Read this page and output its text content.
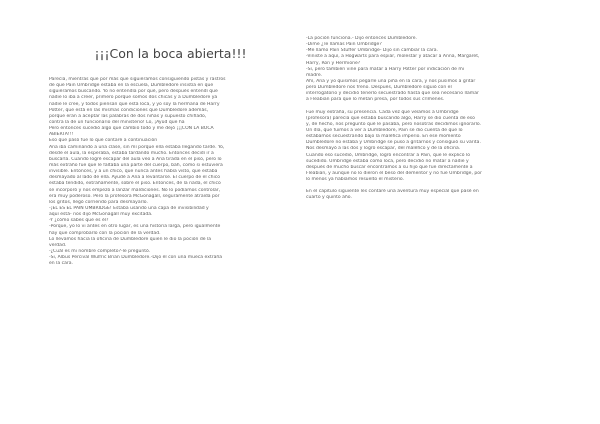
¡¡¡Con la boca abierta!!!
Parecía, mientras que por más que siguiéramos consiguiendo pistas y rastros
de que Pain Umbridge estaba en la escuela, Dumbledore insistía en que
siguiéramos buscando. Yo no entendía por qué, pero después entendí que
nadie lo iba a creer, primero porque somos dos chicas y a Dumbledore ya
nadie le cree, y todos piensan que está loca, y yo soy la hermana de Harry
Potter, que está en las mismas condiciones que Dumbledore además,
porque eran a aceptar las palabras de dos niñas y supuesto chiflado,
contra la de un funcionario del ministerio! Lo, ¡Ayúd que ha
Pero entonces sucedió algo que cambió todo y me dejó ¡¡¡CON LA BOCA
ABIERTA!!!
Eso que pasó fue lo que contaré a continuación
Ana iba caminando a una clase, sin mí porque ella estaba llegando tarde. Yo,
desde el aula, la esperaba, estaba tardando mucho. Entonces decidí ir a
buscarla. Cuando logré escapar del aula veo a Ana tirada en el piso, pero lo
más extraño fue que le faltaba una parte del cuerpo, bah, como si estuviera
invisible. Entonces, y a un chico, que nunca antes había visto, que estaba
desmayado al lado de ella. Ayudé a Ana a levantarse. El cuerpo de el chico
estaba tendido, extrañamente, sobre el piso. Entonces, de la nada, el chico
se incorporó y nos empezó a lanzar maldiciones. No lo podíamos controlar,
era muy poderoso. Pero la profesora McGonagall, seguramente atraída por
los gritos, llegó corriendo para desmayarlo.
-¡EL ES EL PAIN UMBRIDGE! Estaba usando una capa de invisibilidad y
aquí está- nos dijo McGonagall muy excitada.
-Y ¿cómo sabes que es él?
-Porque, yo lo vi antes en otro lugar, es una historia larga, pero igualmente
hay que comprobarlo con la poción de la verdad.
Lo llevamos hacia la oficina de Dumbledore quien le dio la poción de la
verdad.
-¿Cuál es mi nombre completo?-le preguntó.
-Si, Albus Percival Wulfric Brian Dumbledore.-Dijo él con una mueca extraña
en la cara.
-La poción funciona.- Dijo entonces Dumbledore.
-Dime ¿Te llamas Pain Umbridge?
-Me llamo Pain Stuffer Umbridge- Dijo sin cambiar la cara.
-Viniste a aquí, a Hogwarts para espiar, molestar y atacar a Anna, Margaret,
Harry, Ron y Hermione?
-Sí, pero también vine para matar a Harry Potter por indicación de mi
madre.
Ahí, Ana y yo quisimos pegarle una piña en la cara, y nos pusimos a gritar
pero Dumbledore nos freno. Después, Dumbledore siguió con el
interrogatorio y decidió tenerlo secuestrado hasta que sea necesario llamar
a Fleabian para que lo metan presa, por todos sus crímenes.
Fue muy extraña, su presencia. Cada vez que veíamos a Umbridge
(profesora) parecía que estaba buscando algo, Harry se dio cuenta de eso
y, de hecho, nos pregunto qué le pasaba, pero nosotras decidimos ignorarlo.
Un día, que fuimos a ver a Dumbledore, Pain se dio cuenta de que lo
estábamos secuestrando bajo la maléfica imperio. En ese momento
Dumbledore no estaba y Umbridge se puso a gritarnos y consiguió su varita.
Nos desmayó a las dos y logró escapar, del maléfico y de la oficina.
Cuando eso sucedió, Umbridge, logró encontrar a Pain, que le explicó lo
sucedido. Umbridge estaba como loca, pero decidió no matar a nadie y
después de mucho buscar encontramos a su hijo que fue directamente a
Fleabian, y aunque no lo dieron el beso del dementor y no fue Umbridge, por
lo menos ya habíamos resuelto el misterio.
En el capítulo siguiente les contaré una aventura muy especial que pasé en
cuarto y quinto año.
